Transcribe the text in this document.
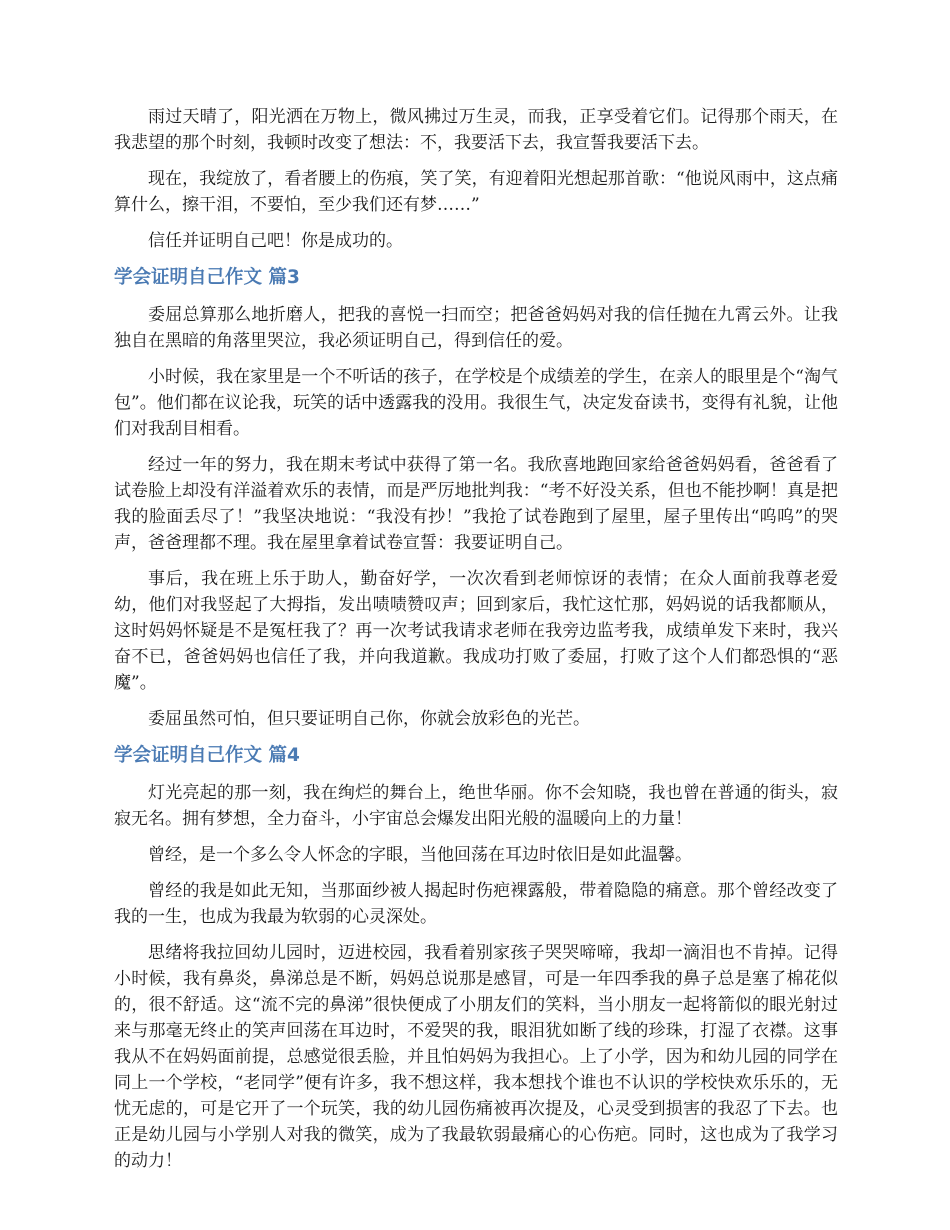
雨过天晴了，阳光洒在万物上，微风拂过万生灵，而我，正享受着它们。记得那个雨天，在我悲望的那个时刻，我顿时改变了想法：不，我要活下去，我宣誓我要活下去。

现在，我绽放了，看者腰上的伤痕，笑了笑，有迎着阳光想起那首歌：“他说风雨中，这点痛算什么，擦干泪，不要怕，至少我们还有梦……”

信任并证明自己吧！你是成功的。

学会证明自己作文 篇3

委屈总算那么地折磨人，把我的喜悦一扫而空；把爸爸妈妈对我的信任抛在九霄云外。让我独自在黑暗的角落里哭泣，我必须证明自己，得到信任的爱。

小时候，我在家里是一个不听话的孩子，在学校是个成绩差的学生，在亲人的眼里是个“淘气包”。他们都在议论我，玩笑的话中透露我的没用。我很生气，决定发奋读书，变得有礼貌，让他们对我刮目相看。

经过一年的努力，我在期末考试中获得了第一名。我欣喜地跑回家给爸爸妈妈看，爸爸看了试卷脸上却没有洋溢着欢乐的表情，而是严厉地批判我：“考不好没关系，但也不能抄啊！真是把我的脸面丢尽了！”我坚决地说：“我没有抄！”我抢了试卷跑到了屋里，屋子里传出“呜呜”的哭声，爸爸理都不理。我在屋里拿着试卷宣誓：我要证明自己。

事后，我在班上乐于助人，勤奋好学，一次次看到老师惊讶的表情；在众人面前我尊老爱幼，他们对我竖起了大拇指，发出啧啧赞叹声；回到家后，我忙这忙那，妈妈说的话我都顺从，这时妈妈怀疑是不是冤枉我了？再一次考试我请求老师在我旁边监考我，成绩单发下来时，我兴奋不已，爸爸妈妈也信任了我，并向我道歉。我成功打败了委屈，打败了这个人们都恐惧的“恶魔”。

委屈虽然可怕，但只要证明自己你，你就会放彩色的光芒。

学会证明自己作文 篇4

灯光亮起的那一刻，我在绚烂的舞台上，绝世华丽。你不会知晓，我也曾在普通的街头，寂寂无名。拥有梦想，全力奋斗，小宇宙总会爆发出阳光般的温暖向上的力量！

曾经，是一个多么令人怀念的字眼，当他回荡在耳边时依旧是如此温馨。

曾经的我是如此无知，当那面纱被人揭起时伤疤裸露般，带着隐隐的痛意。那个曾经改变了我的一生，也成为我最为软弱的心灵深处。

思绪将我拉回幼儿园时，迈进校园，我看着别家孩子哭哭啼啼，我却一滴泪也不肯掉。记得小时候，我有鼻炎，鼻涕总是不断，妈妈总说那是感冒，可是一年四季我的鼻子总是塞了棉花似的，很不舒适。这“流不完的鼻涕”很快便成了小朋友们的笑料，当小朋友一起将箭似的眼光射过来与那毫无终止的笑声回荡在耳边时，不爱哭的我，眼泪犹如断了线的珍珠，打湿了衣襟。这事我从不在妈妈面前提，总感觉很丢脸，并且怕妈妈为我担心。上了小学，因为和幼儿园的同学在同上一个学校，“老同学”便有许多，我不想这样，我本想找个谁也不认识的学校快欢乐乐的，无忧无虑的，可是它开了一个玩笑，我的幼儿园伤痛被再次提及，心灵受到损害的我忍了下去。也正是幼儿园与小学别人对我的微笑，成为了我最软弱最痛心的心伤疤。同时，这也成为了我学习的动力！
